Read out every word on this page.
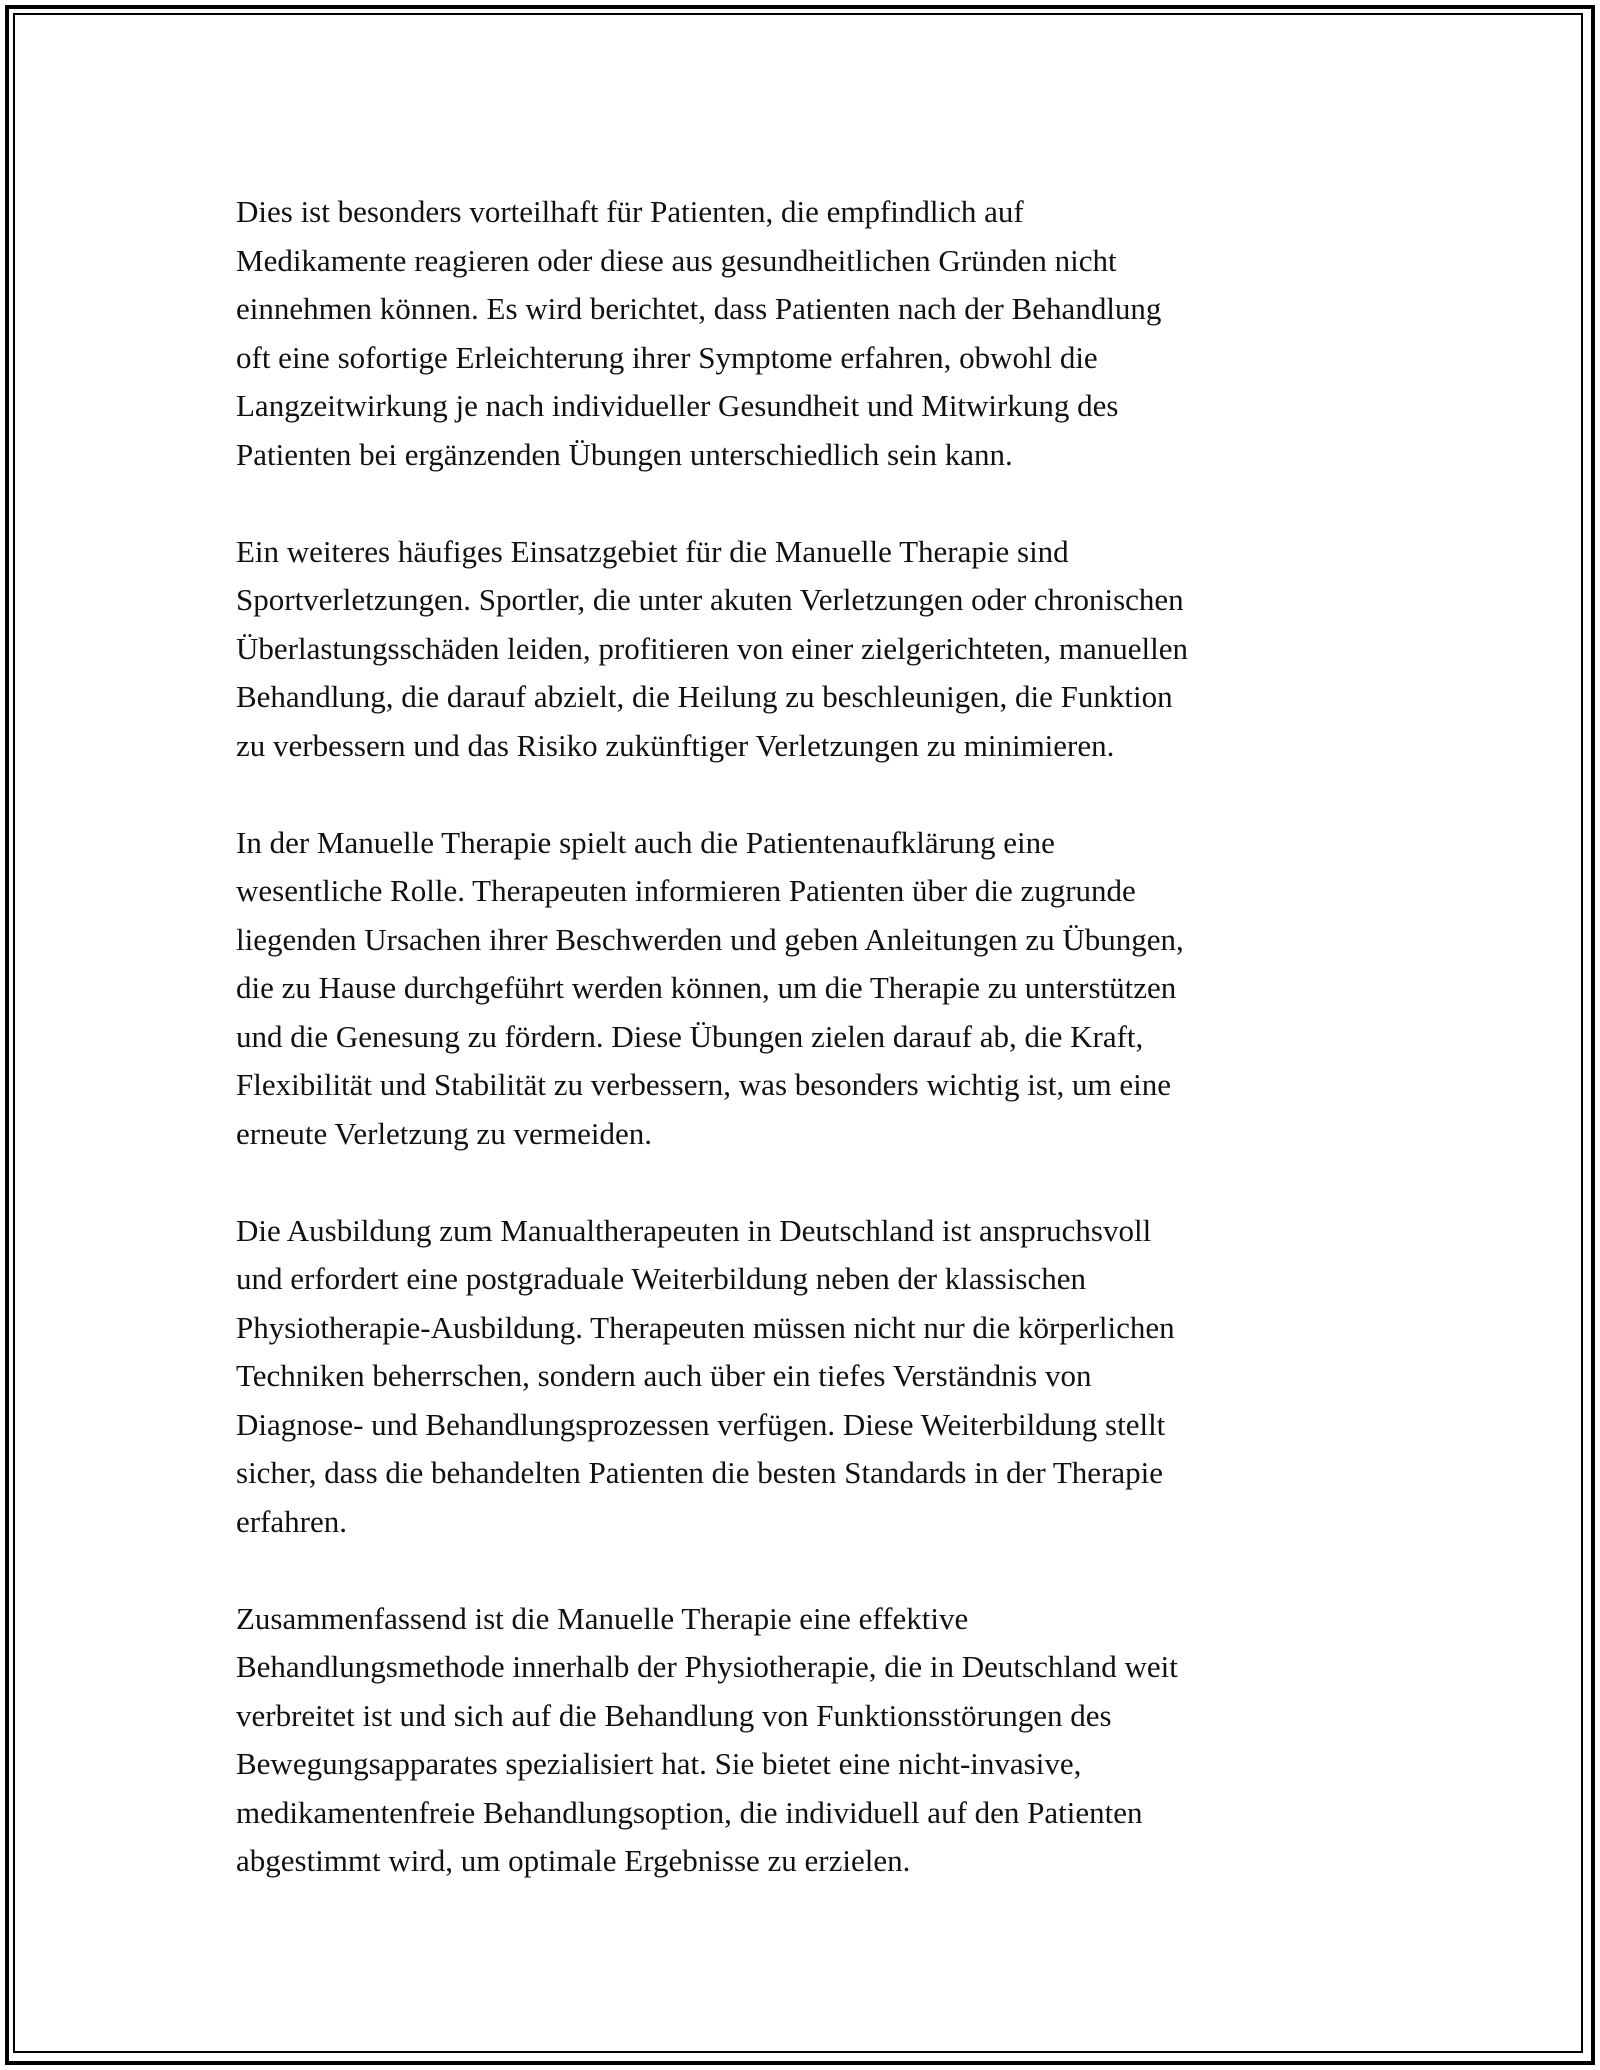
Dies ist besonders vorteilhaft für Patienten, die empfindlich auf
Medikamente reagieren oder diese aus gesundheitlichen Gründen nicht
einnehmen können. Es wird berichtet, dass Patienten nach der Behandlung
oft eine sofortige Erleichterung ihrer Symptome erfahren, obwohl die
Langzeitwirkung je nach individueller Gesundheit und Mitwirkung des
Patienten bei ergänzenden Übungen unterschiedlich sein kann.

Ein weiteres häufiges Einsatzgebiet für die Manuelle Therapie sind
Sportverletzungen. Sportler, die unter akuten Verletzungen oder chronischen
Überlastungsschäden leiden, profitieren von einer zielgerichteten, manuellen
Behandlung, die darauf abzielt, die Heilung zu beschleunigen, die Funktion
zu verbessern und das Risiko zukünftiger Verletzungen zu minimieren.

In der Manuelle Therapie spielt auch die Patientenaufklärung eine
wesentliche Rolle. Therapeuten informieren Patienten über die zugrunde
liegenden Ursachen ihrer Beschwerden und geben Anleitungen zu Übungen,
die zu Hause durchgeführt werden können, um die Therapie zu unterstützen
und die Genesung zu fördern. Diese Übungen zielen darauf ab, die Kraft,
Flexibilität und Stabilität zu verbessern, was besonders wichtig ist, um eine
erneute Verletzung zu vermeiden.

Die Ausbildung zum Manualtherapeuten in Deutschland ist anspruchsvoll
und erfordert eine postgraduale Weiterbildung neben der klassischen
Physiotherapie-Ausbildung. Therapeuten müssen nicht nur die körperlichen
Techniken beherrschen, sondern auch über ein tiefes Verständnis von
Diagnose- und Behandlungsprozessen verfügen. Diese Weiterbildung stellt
sicher, dass die behandelten Patienten die besten Standards in der Therapie
erfahren.

Zusammenfassend ist die Manuelle Therapie eine effektive
Behandlungsmethode innerhalb der Physiotherapie, die in Deutschland weit
verbreitet ist und sich auf die Behandlung von Funktionsstörungen des
Bewegungsapparates spezialisiert hat. Sie bietet eine nicht-invasive,
medikamentenfreie Behandlungsoption, die individuell auf den Patienten
abgestimmt wird, um optimale Ergebnisse zu erzielen.
